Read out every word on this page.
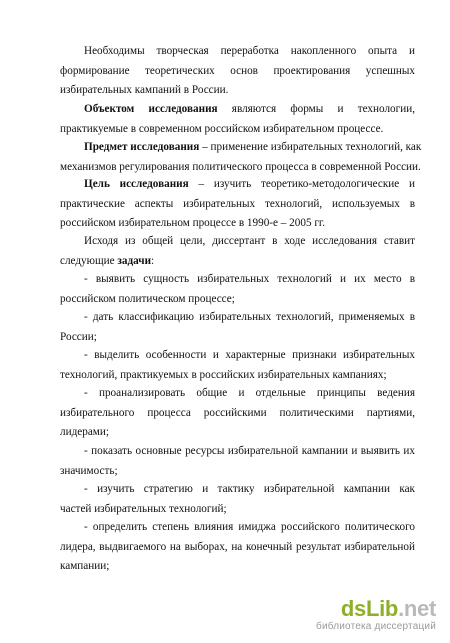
Необходимы творческая переработка накопленного опыта и
формирование теоретических основ проектирования успешных
избирательных кампаний в России.

Объектом исследования являются формы и технологии,
практикуемые в современном российском избирательном процессе.

Предмет исследования – применение избирательных технологий, как
механизмов регулирования политического процесса в современной России.

Цель исследования – изучить теоретико-методологические и
практические аспекты избирательных технологий, используемых в
российском избирательном процессе в 1990-е – 2005 гг.

Исходя из общей цели, диссертант в ходе исследования ставит
следующие задачи:

- выявить сущность избирательных технологий и их место в
российском политическом процессе;

- дать классификацию избирательных технологий, применяемых в
России;

- выделить особенности и характерные признаки избирательных
технологий, практикуемых в российских избирательных кампаниях;

- проанализировать общие и отдельные принципы ведения
избирательного процесса российскими политическими партиями,
лидерами;

- показать основные ресурсы избирательной кампании и выявить их
значимость;

- изучить стратегию и тактику избирательной кампании как
частей избирательных технологий;

- определить степень влияния имиджа российского политического
лидера, выдвигаемого на выборах, на конечный результат избирательной
кампании;

dsLib.net
библиотека диссертаций
